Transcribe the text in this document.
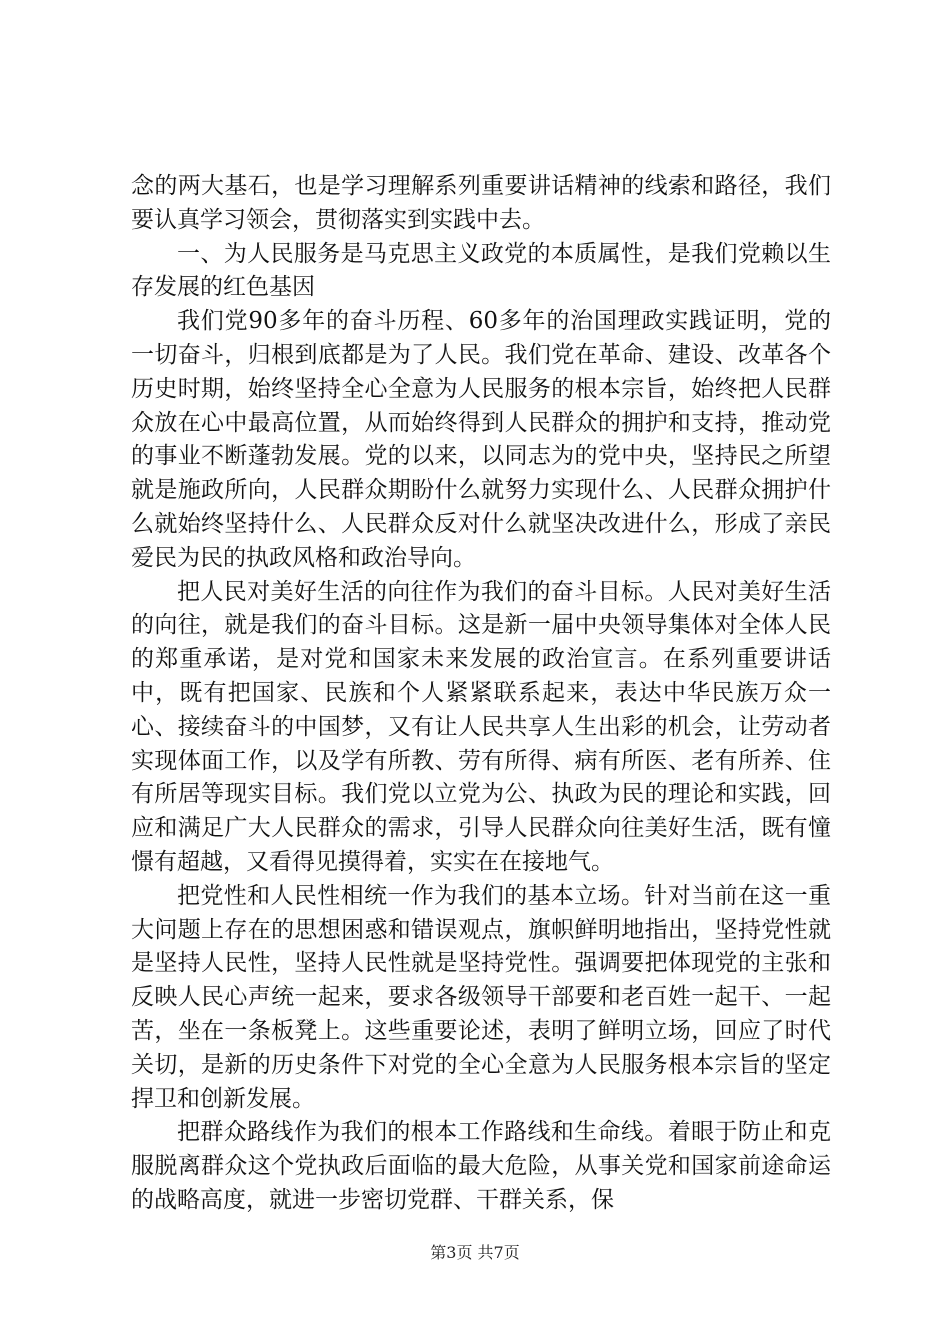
念的两大基石，也是学习理解系列重要讲话精神的线索和路径，我们要认真学习领会，贯彻落实到实践中去。

一、为人民服务是马克思主义政党的本质属性，是我们党赖以生存发展的红色基因

我们党90多年的奋斗历程、60多年的治国理政实践证明，党的一切奋斗，归根到底都是为了人民。我们党在革命、建设、改革各个历史时期，始终坚持全心全意为人民服务的根本宗旨，始终把人民群众放在心中最高位置，从而始终得到人民群众的拥护和支持，推动党的事业不断蓬勃发展。党的以来，以同志为的党中央，坚持民之所望就是施政所向，人民群众期盼什么就努力实现什么、人民群众拥护什么就始终坚持什么、人民群众反对什么就坚决改进什么，形成了亲民爱民为民的执政风格和政治导向。

把人民对美好生活的向往作为我们的奋斗目标。人民对美好生活的向往，就是我们的奋斗目标。这是新一届中央领导集体对全体人民的郑重承诺，是对党和国家未来发展的政治宣言。在系列重要讲话中，既有把国家、民族和个人紧紧联系起来，表达中华民族万众一心、接续奋斗的中国梦，又有让人民共享人生出彩的机会，让劳动者实现体面工作，以及学有所教、劳有所得、病有所医、老有所养、住有所居等现实目标。我们党以立党为公、执政为民的理论和实践，回应和满足广大人民群众的需求，引导人民群众向往美好生活，既有憧憬有超越，又看得见摸得着，实实在在接地气。

把党性和人民性相统一作为我们的基本立场。针对当前在这一重大问题上存在的思想困惑和错误观点，旗帜鲜明地指出，坚持党性就是坚持人民性，坚持人民性就是坚持党性。强调要把体现党的主张和反映人民心声统一起来，要求各级领导干部要和老百姓一起干、一起苦，坐在一条板凳上。这些重要论述，表明了鲜明立场，回应了时代关切，是新的历史条件下对党的全心全意为人民服务根本宗旨的坚定捍卫和创新发展。

把群众路线作为我们的根本工作路线和生命线。着眼于防止和克服脱离群众这个党执政后面临的最大危险，从事关党和国家前途命运的战略高度，就进一步密切党群、干群关系，保

第3页 共7页
